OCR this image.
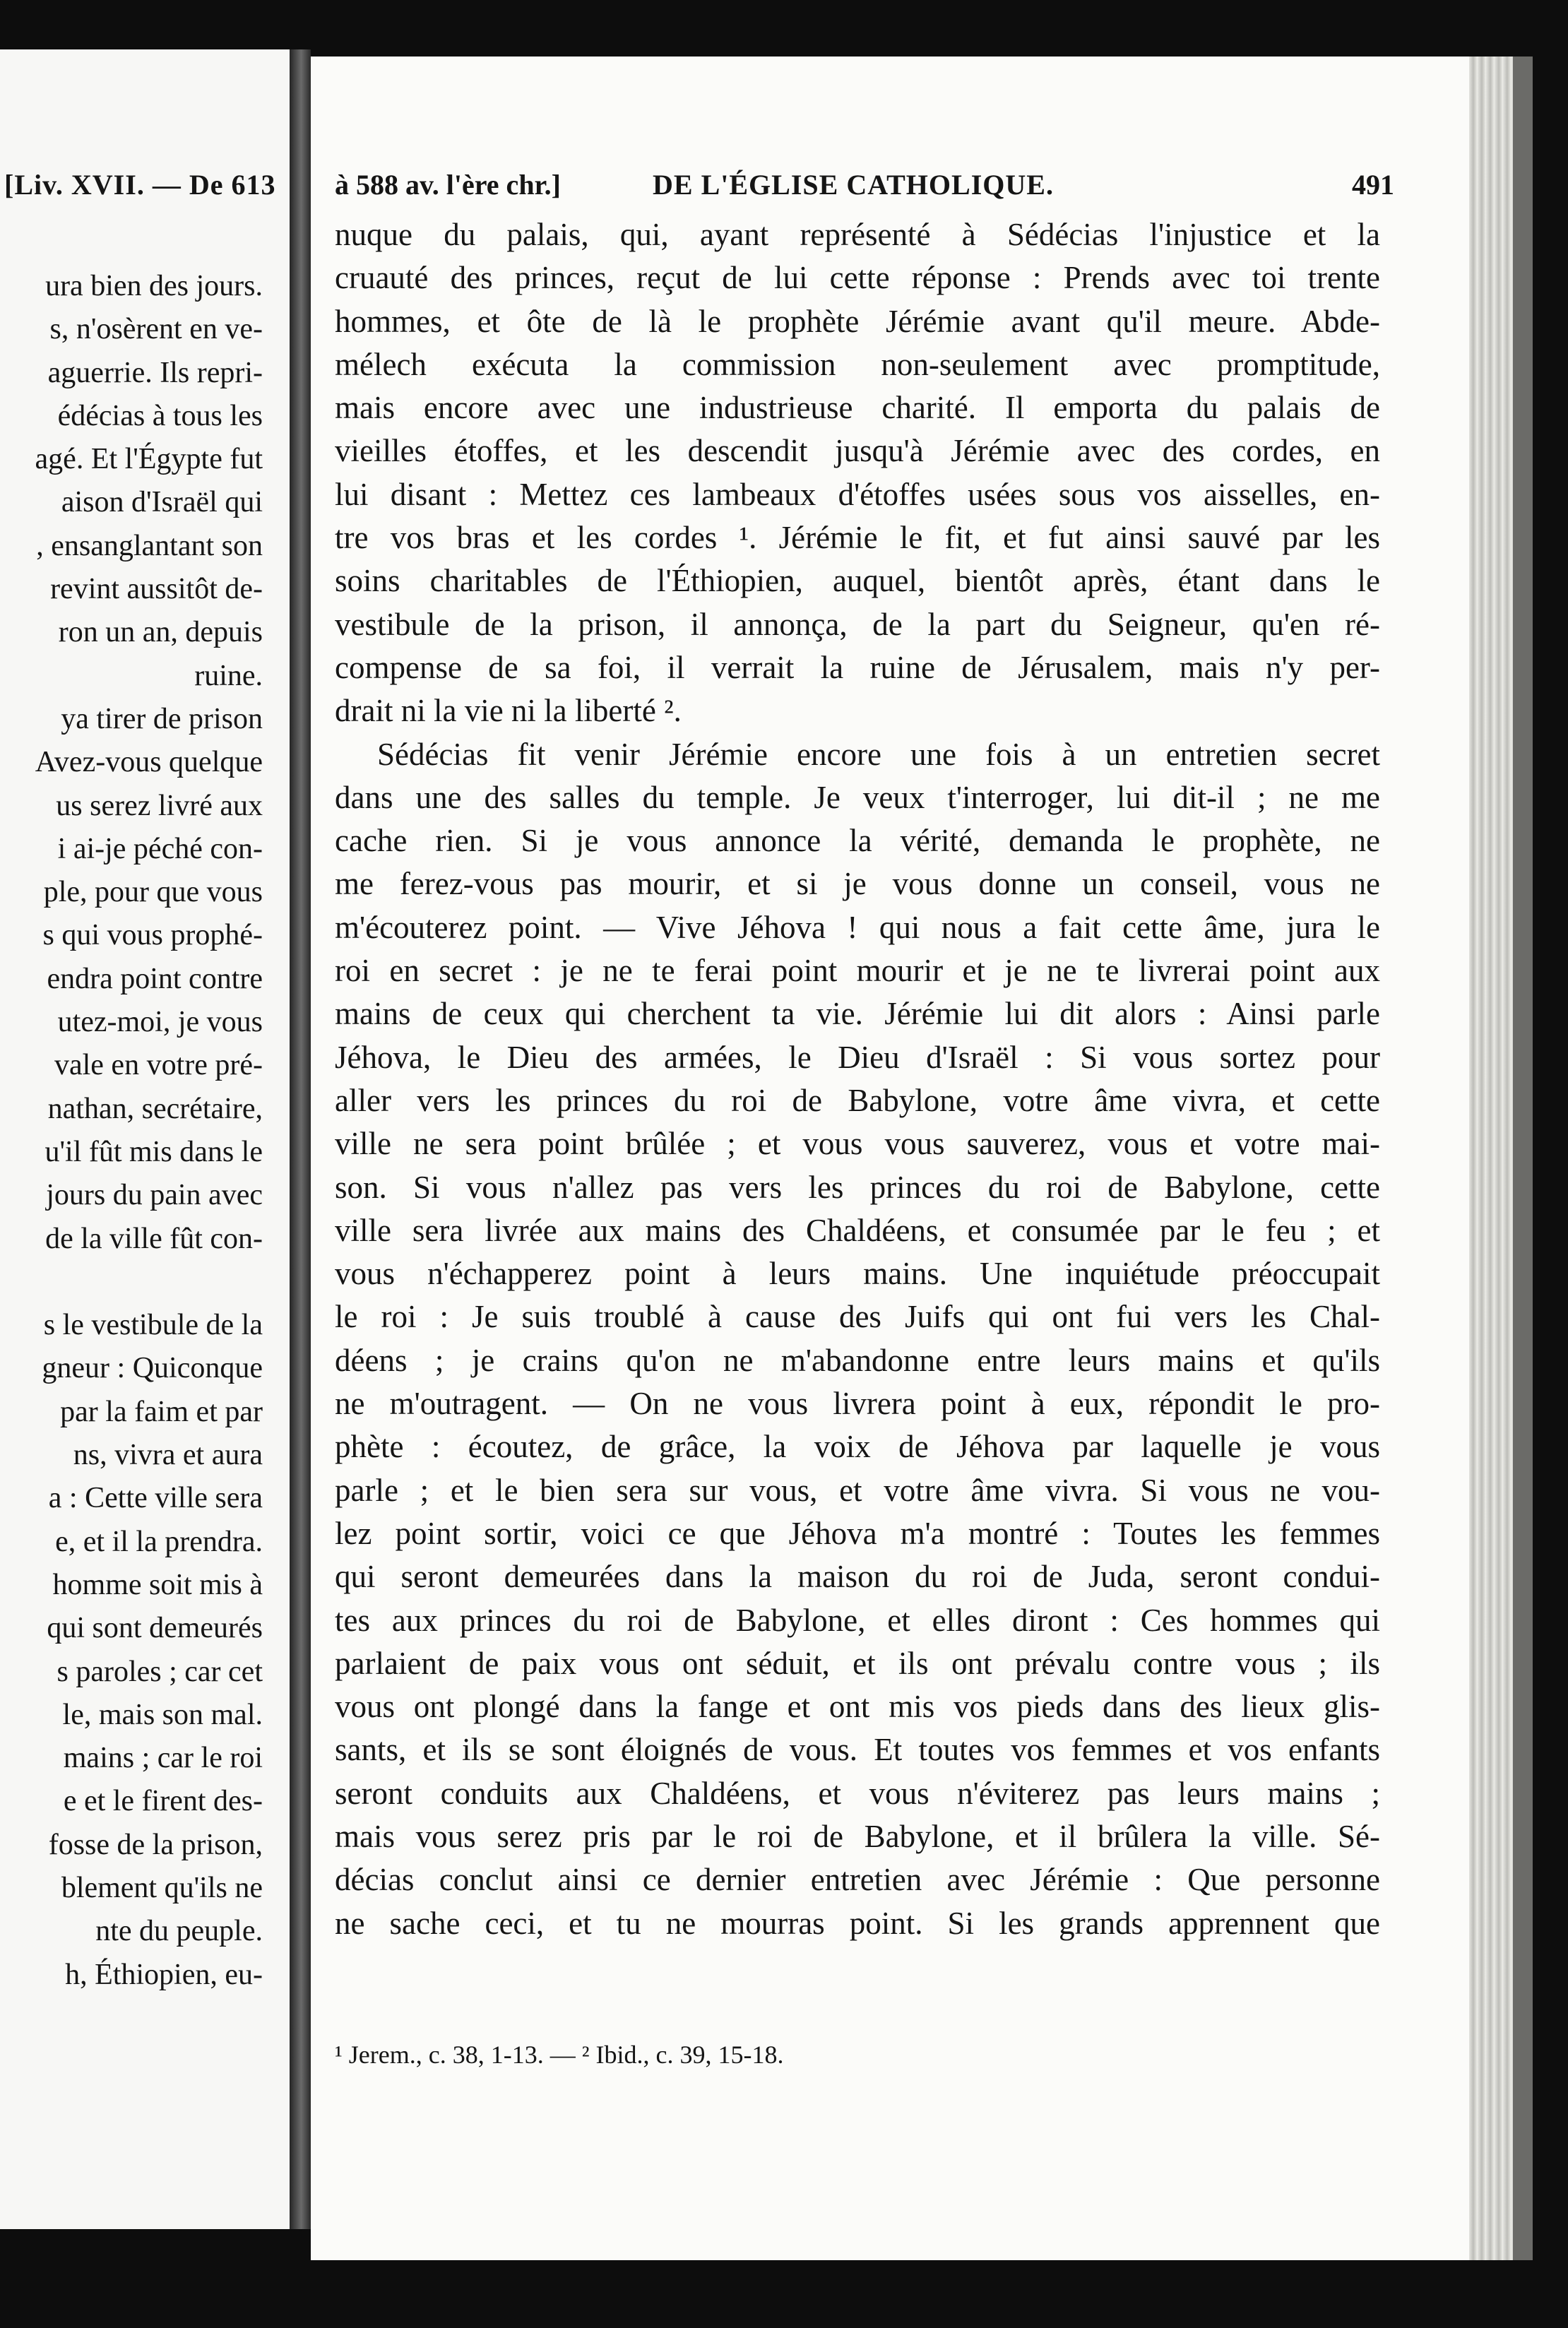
[Liv. XVII. — De 613
ura bien des jours.
s, n'osèrent en ve-
aguerrie. Ils repri-
édécias à tous les
agé. Et l'Égypte fut
aison d'Israël qui
, ensanglantant son
revint aussitôt de-
ron un an, depuis
ruine.
ya tirer de prison
Avez-vous quelque
us serez livré aux
i ai-je péché con-
ple, pour que vous
s qui vous prophé-
endra point contre
utez-moi, je vous
vale en votre pré-
nathan, secrétaire,
u'il fût mis dans le
jours du pain avec
de la ville fût con-
s le vestibule de la
gneur : Quiconque
par la faim et par
ns, vivra et aura
a : Cette ville sera
e, et il la prendra.
homme soit mis à
qui sont demeurés
s paroles ; car cet
le, mais son mal.
mains ; car le roi
e et le firent des-
fosse de la prison,
blement qu'ils ne
nte du peuple.
h, Éthiopien, eu-
à 588 av. l'ère chr.]	DE L'ÉGLISE CATHOLIQUE.	491
nuque du palais, qui, ayant représenté à Sédécias l'injustice et la
cruauté des princes, reçut de lui cette réponse : Prends avec toi trente
hommes, et ôte de là le prophète Jérémie avant qu'il meure. Abde-
mélech exécuta la commission non-seulement avec promptitude,
mais encore avec une industrieuse charité. Il emporta du palais de
vieilles étoffes, et les descendit jusqu'à Jérémie avec des cordes, en
lui disant : Mettez ces lambeaux d'étoffes usées sous vos aisselles, en-
tre vos bras et les cordes ¹. Jérémie le fit, et fut ainsi sauvé par les
soins charitables de l'Éthiopien, auquel, bientôt après, étant dans le
vestibule de la prison, il annonça, de la part du Seigneur, qu'en ré-
compense de sa foi, il verrait la ruine de Jérusalem, mais n'y per-
drait ni la vie ni la liberté ².
Sédécias fit venir Jérémie encore une fois à un entretien secret
dans une des salles du temple. Je veux t'interroger, lui dit-il ; ne me
cache rien. Si je vous annonce la vérité, demanda le prophète, ne
me ferez-vous pas mourir, et si je vous donne un conseil, vous ne
m'écouterez point. — Vive Jéhova ! qui nous a fait cette âme, jura le
roi en secret : je ne te ferai point mourir et je ne te livrerai point aux
mains de ceux qui cherchent ta vie. Jérémie lui dit alors : Ainsi parle
Jéhova, le Dieu des armées, le Dieu d'Israël : Si vous sortez pour
aller vers les princes du roi de Babylone, votre âme vivra, et cette
ville ne sera point brûlée ; et vous vous sauverez, vous et votre mai-
son. Si vous n'allez pas vers les princes du roi de Babylone, cette
ville sera livrée aux mains des Chaldéens, et consumée par le feu ; et
vous n'échapperez point à leurs mains. Une inquiétude préoccupait
le roi : Je suis troublé à cause des Juifs qui ont fui vers les Chal-
déens ; je crains qu'on ne m'abandonne entre leurs mains et qu'ils
ne m'outragent. — On ne vous livrera point à eux, répondit le pro-
phète : écoutez, de grâce, la voix de Jéhova par laquelle je vous
parle ; et le bien sera sur vous, et votre âme vivra. Si vous ne vou-
lez point sortir, voici ce que Jéhova m'a montré : Toutes les femmes
qui seront demeurées dans la maison du roi de Juda, seront condui-
tes aux princes du roi de Babylone, et elles diront : Ces hommes qui
parlaient de paix vous ont séduit, et ils ont prévalu contre vous ; ils
vous ont plongé dans la fange et ont mis vos pieds dans des lieux glis-
sants, et ils se sont éloignés de vous. Et toutes vos femmes et vos enfants
seront conduits aux Chaldéens, et vous n'éviterez pas leurs mains ;
mais vous serez pris par le roi de Babylone, et il brûlera la ville. Sé-
décias conclut ainsi ce dernier entretien avec Jérémie : Que personne
ne sache ceci, et tu ne mourras point. Si les grands apprennent que
¹ Jerem., c. 38, 1-13. — ² Ibid., c. 39, 15-18.
